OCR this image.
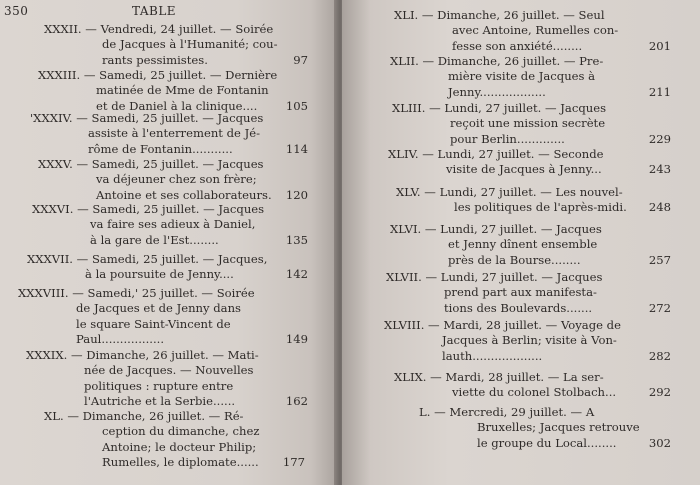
350	TABLE
XXXII. — Vendredi, 24 juillet. — Soirée
de Jacques à l'Humanité; cou-
rants pessimistes.	97
XXXIII. — Samedi, 25 juillet. — Dernière
matinée de Mme de Fontanin
et de Daniel à la clinique....	105
'XXXIV. — Samedi, 25 juillet. — Jacques
assiste à l'enterrement de Jé-
rôme de Fontanin...........	114
XXXV. — Samedi, 25 juillet. — Jacques
va déjeuner chez son frère;
Antoine et ses collaborateurs.	120
XXXVI. — Samedi, 25 juillet. — Jacques
va faire ses adieux à Daniel,
à la gare de l'Est........	135
XXXVII. — Samedi, 25 juillet. — Jacques,
à la poursuite de Jenny....	142
XXXVIII. — Samedi,' 25 juillet. — Soirée
de Jacques et de Jenny dans
le square Saint-Vincent de
Paul.................	149
XXXIX. — Dimanche, 26 juillet. — Mati-
née de Jacques. — Nouvelles
politiques : rupture entre
l'Autriche et la Serbie......	162
XL. — Dimanche, 26 juillet. — Ré-
ception du dimanche, chez
Antoine; le docteur Philip;
Rumelles, le diplomate......	177
XLI. — Dimanche, 26 juillet. — Seul
avec Antoine, Rumelles con-
fesse son anxiété........	201
XLII. — Dimanche, 26 juillet. — Pre-
mière visite de Jacques à
Jenny..................	211
XLIII. — Lundi, 27 juillet. — Jacques
reçoit une mission secrète
pour Berlin.............	229
XLIV. — Lundi, 27 juillet. — Seconde
visite de Jacques à Jenny...	243
XLV. — Lundi, 27 juillet. — Les nouvel-
les politiques de l'après-midi.	248
XLVI. — Lundi, 27 juillet. — Jacques
et Jenny dînent ensemble
près de la Bourse........	257
XLVII. — Lundi, 27 juillet. — Jacques
prend part aux manifesta-
tions des Boulevards.......	272
XLVIII. — Mardi, 28 juillet. — Voyage de
Jacques à Berlin; visite à Von-
lauth...................	282
XLIX. — Mardi, 28 juillet. — La ser-
viette du colonel Stolbach...	292
L. — Mercredi, 29 juillet. — A
Bruxelles; Jacques retrouve
le groupe du Local........	302
